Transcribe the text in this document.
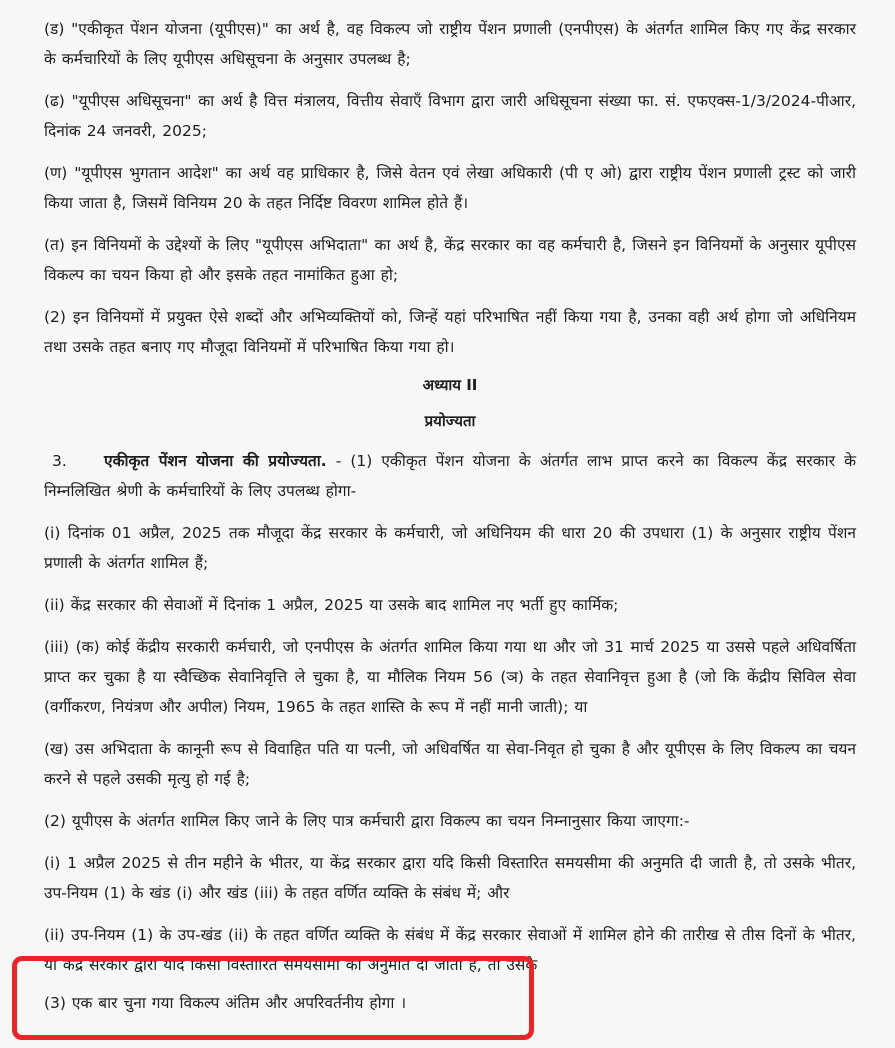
(ड) "एकीकृत पेंशन योजना (यूपीएस)" का अर्थ है, वह विकल्प जो राष्ट्रीय पेंशन प्रणाली (एनपीएस) के अंतर्गत शामिल किए गए केंद्र सरकार के कर्मचारियों के लिए यूपीएस अधिसूचना के अनुसार उपलब्ध है;

(ढ) "यूपीएस अधिसूचना" का अर्थ है वित्त मंत्रालय, वित्तीय सेवाएँ विभाग द्वारा जारी अधिसूचना संख्या फा. सं. एफएक्स-1/3/2024-पीआर, दिनांक 24 जनवरी, 2025;

(ण) "यूपीएस भुगतान आदेश" का अर्थ वह प्राधिकार है, जिसे वेतन एवं लेखा अधिकारी (पी ए ओ) द्वारा राष्ट्रीय पेंशन प्रणाली ट्रस्ट को जारी किया जाता है, जिसमें विनियम 20 के तहत निर्दिष्ट विवरण शामिल होते हैं।

(त) इन विनियमों के उद्देश्यों के लिए "यूपीएस अभिदाता" का अर्थ है, केंद्र सरकार का वह कर्मचारी है, जिसने इन विनियमों के अनुसार यूपीएस विकल्प का चयन किया हो और इसके तहत नामांकित हुआ हो;

(2) इन विनियमों में प्रयुक्त ऐसे शब्दों और अभिव्यक्तियों को, जिन्हें यहां परिभाषित नहीं किया गया है, उनका वही अर्थ होगा जो अधिनियम तथा उसके तहत बनाए गए मौजूदा विनियमों में परिभाषित किया गया हो।

अध्याय II

प्रयोज्यता

3. एकीकृत पेंशन योजना की प्रयोज्यता. - (1) एकीकृत पेंशन योजना के अंतर्गत लाभ प्राप्त करने का विकल्प केंद्र सरकार के निम्नलिखित श्रेणी के कर्मचारियों के लिए उपलब्ध होगा-

(i) दिनांक 01 अप्रैल, 2025 तक मौजूदा केंद्र सरकार के कर्मचारी, जो अधिनियम की धारा 20 की उपधारा (1) के अनुसार राष्ट्रीय पेंशन प्रणाली के अंतर्गत शामिल हैं;

(ii) केंद्र सरकार की सेवाओं में दिनांक 1 अप्रैल, 2025 या उसके बाद शामिल नए भर्ती हुए कार्मिक;

(iii) (क) कोई केंद्रीय सरकारी कर्मचारी, जो एनपीएस के अंतर्गत शामिल किया गया था और जो 31 मार्च 2025 या उससे पहले अधिवर्षिता प्राप्त कर चुका है या स्वैच्छिक सेवानिवृत्ति ले चुका है, या मौलिक नियम 56 (ञ) के तहत सेवानिवृत्त हुआ है (जो कि केंद्रीय सिविल सेवा (वर्गीकरण, नियंत्रण और अपील) नियम, 1965 के तहत शास्ति के रूप में नहीं मानी जाती); या

(ख) उस अभिदाता के कानूनी रूप से विवाहित पति या पत्नी, जो अधिवर्षित या सेवा-निवृत हो चुका है और यूपीएस के लिए विकल्प का चयन करने से पहले उसकी मृत्यु हो गई है;

(2) यूपीएस के अंतर्गत शामिल किए जाने के लिए पात्र कर्मचारी द्वारा विकल्प का चयन निम्नानुसार किया जाएगा:-

(i) 1 अप्रैल 2025 से तीन महीने के भीतर, या केंद्र सरकार द्वारा यदि किसी विस्तारित समयसीमा की अनुमति दी जाती है, तो उसके भीतर, उप-नियम (1) के खंड (i) और खंड (iii) के तहत वर्णित व्यक्ति के संबंध में; और

(ii) उप-नियम (1) के उप-खंड (ii) के तहत वर्णित व्यक्ति के संबंध में केंद्र सरकार सेवाओं में शामिल होने की तारीख से तीस दिनों के भीतर, या केंद्र सरकार द्वारा यदि किसी विस्तारित समयसीमा की अनुमति दी जाती है, तो उसके

(3) एक बार चुना गया विकल्प अंतिम और अपरिवर्तनीय होगा ।
